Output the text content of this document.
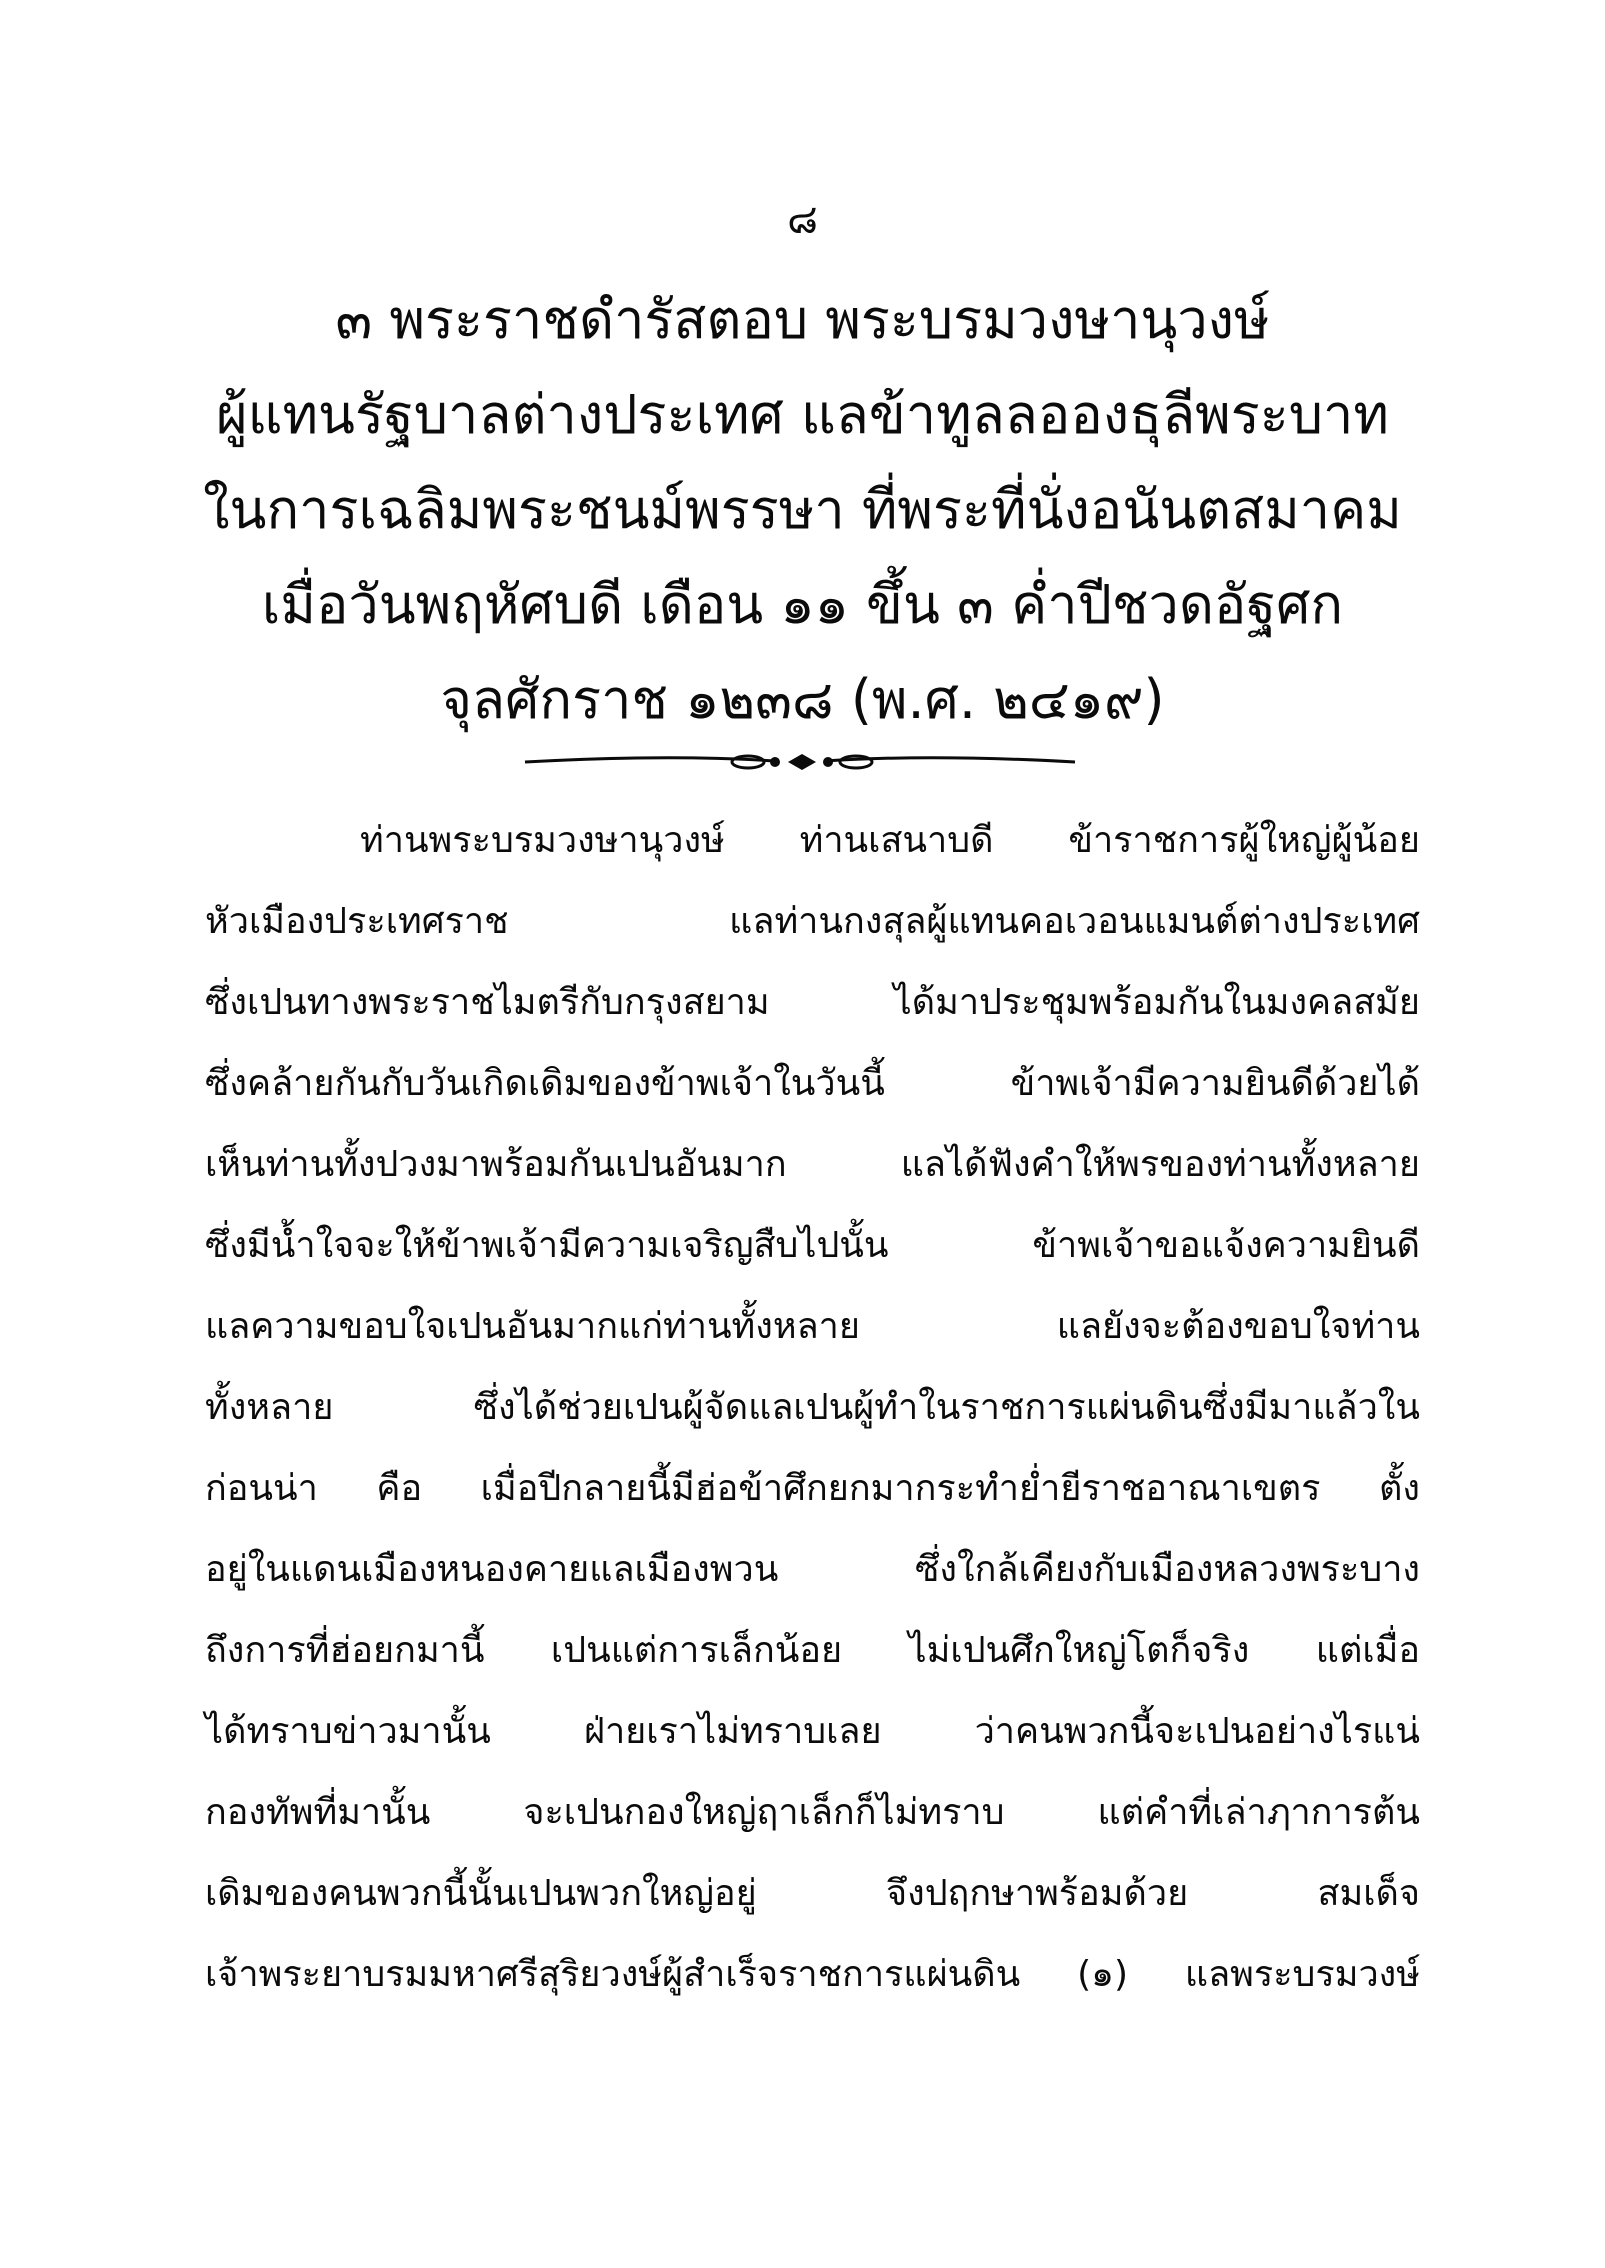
๘
๓ พระราชดำรัสตอบ พระบรมวงษานุวงษ์
ผู้แทนรัฐบาลต่างประเทศ แลข้าทูลลอองธุลีพระบาท
ในการเฉลิมพระชนม์พรรษา ที่พระที่นั่งอนันตสมาคม
เมื่อวันพฤหัศบดี เดือน ๑๑ ขึ้น ๓ ค่ำปีชวดอัฐศก
จุลศักราช ๑๒๓๘ (พ.ศ. ๒๔๑๙)
ท่านพระบรมวงษานุวงษ์ ท่านเสนาบดี ข้าราชการผู้ใหญ่ผู้น้อย
หัวเมืองประเทศราช แลท่านกงสุลผู้แทนคอเวอนแมนต์ต่างประเทศ
ซึ่งเปนทางพระราชไมตรีกับกรุงสยาม ได้มาประชุมพร้อมกันในมงคลสมัย
ซึ่งคล้ายกันกับวันเกิดเดิมของข้าพเจ้าในวันนี้ ข้าพเจ้ามีความยินดีด้วยได้
เห็นท่านทั้งปวงมาพร้อมกันเปนอันมาก แลได้ฟังคำให้พรของท่านทั้งหลาย
ซึ่งมีน้ำใจจะให้ข้าพเจ้ามีความเจริญสืบไปนั้น ข้าพเจ้าขอแจ้งความยินดี
แลความขอบใจเปนอันมากแก่ท่านทั้งหลาย แลยังจะต้องขอบใจท่าน
ทั้งหลาย ซึ่งได้ช่วยเปนผู้จัดแลเปนผู้ทำในราชการแผ่นดินซึ่งมีมาแล้วใน
ก่อนน่า คือ เมื่อปีกลายนี้มีฮ่อข้าศึกยกมากระทำย่ำยีราชอาณาเขตร ตั้ง
อยู่ในแดนเมืองหนองคายแลเมืองพวน ซึ่งใกล้เคียงกับเมืองหลวงพระบาง
ถึงการที่ฮ่อยกมานี้ เปนแต่การเล็กน้อย ไม่เปนศึกใหญ่โตก็จริง แต่เมื่อ
ได้ทราบข่าวมานั้น ฝ่ายเราไม่ทราบเลย ว่าคนพวกนี้จะเปนอย่างไรแน่
กองทัพที่มานั้น จะเปนกองใหญ่ฤาเล็กก็ไม่ทราบ แต่คำที่เล่าฦาการต้น
เดิมของคนพวกนี้นั้นเปนพวกใหญ่อยู่ จึงปฤกษาพร้อมด้วย สมเด็จ
เจ้าพระยาบรมมหาศรีสุริยวงษ์ผู้สำเร็จราชการแผ่นดิน (๑) แลพระบรมวงษ์
